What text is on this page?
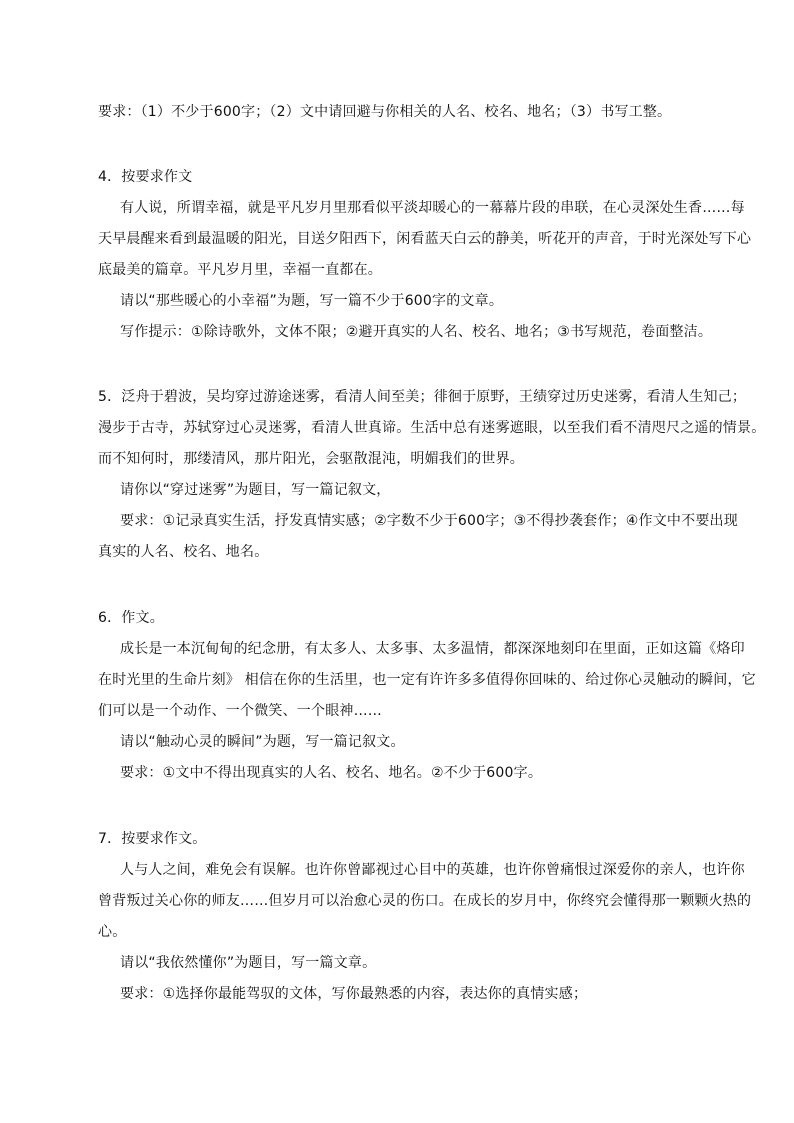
要求：（1）不少于600字；（2）文中请回避与你相关的人名、校名、地名；（3）书写工整。
4．按要求作文
有人说，所谓幸福，就是平凡岁月里那看似平淡却暖心的一幕幕片段的串联，在心灵深处生香……每
天早晨醒来看到最温暖的阳光，目送夕阳西下，闲看蓝天白云的静美，听花开的声音，于时光深处写下心
底最美的篇章。平凡岁月里，幸福一直都在。
请以“那些暖心的小幸福”为题，写一篇不少于600字的文章。
写作提示：①除诗歌外，文体不限；②避开真实的人名、校名、地名；③书写规范，卷面整洁。
5．泛舟于碧波，吴均穿过游途迷雾，看清人间至美；徘徊于原野，王绩穿过历史迷雾，看清人生知己；
漫步于古寺，苏轼穿过心灵迷雾，看清人世真谛。生活中总有迷雾遮眼，以至我们看不清咫尺之遥的情景。
而不知何时，那缕清风，那片阳光，会驱散混沌，明媚我们的世界。
请你以“穿过迷雾”为题目，写一篇记叙文，
要求：①记录真实生活，抒发真情实感；②字数不少于600字；③不得抄袭套作；④作文中不要出现
真实的人名、校名、地名。
6．作文。
成长是一本沉甸甸的纪念册，有太多人、太多事、太多温情，都深深地刻印在里面，正如这篇《烙印
在时光里的生命片刻》 相信在你的生活里，也一定有许许多多值得你回味的、给过你心灵触动的瞬间，它
们可以是一个动作、一个微笑、一个眼神……
请以“触动心灵的瞬间”为题，写一篇记叙文。
要求：①文中不得出现真实的人名、校名、地名。②不少于600字。
7．按要求作文。
人与人之间，难免会有误解。也许你曾鄙视过心目中的英雄，也许你曾痛恨过深爱你的亲人，也许你
曾背叛过关心你的师友……但岁月可以治愈心灵的伤口。在成长的岁月中，你终究会懂得那一颗颗火热的
心。
请以“我依然懂你”为题目，写一篇文章。
要求：①选择你最能驾驭的文体，写你最熟悉的内容，表达你的真情实感；
